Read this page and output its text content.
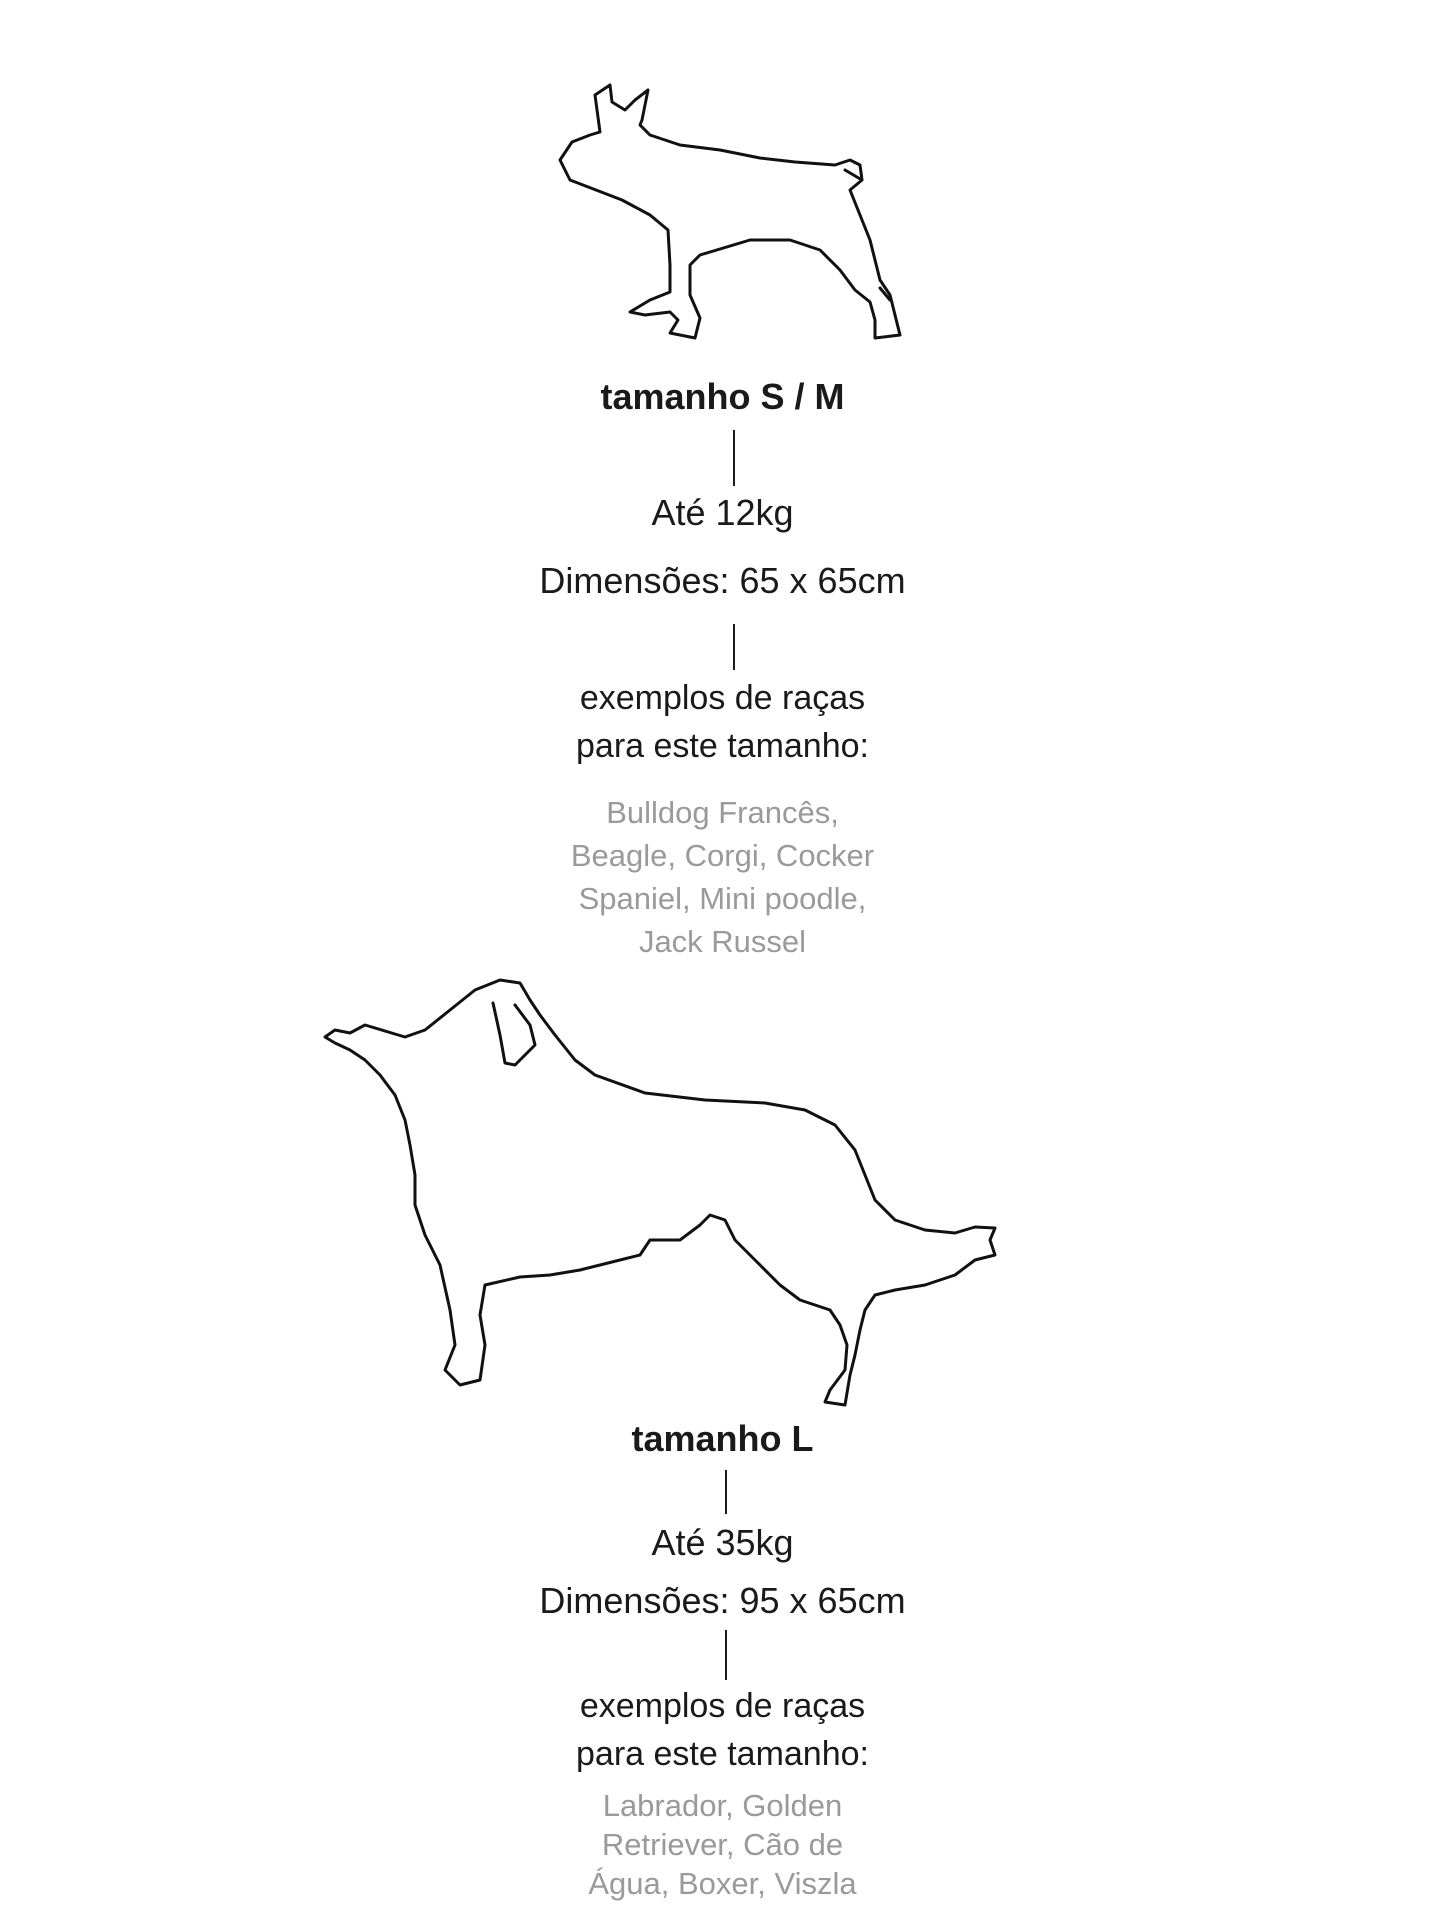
tamanho S / M
Até 12kg
Dimensões: 65 x 65cm
exemplos de raças
para este tamanho:
Bulldog Francês,
Beagle, Corgi, Cocker
Spaniel, Mini poodle,
Jack Russel
tamanho L
Até 35kg
Dimensões: 95 x 65cm
exemplos de raças
para este tamanho:
Labrador, Golden
Retriever, Cão de
Água, Boxer, Viszla
